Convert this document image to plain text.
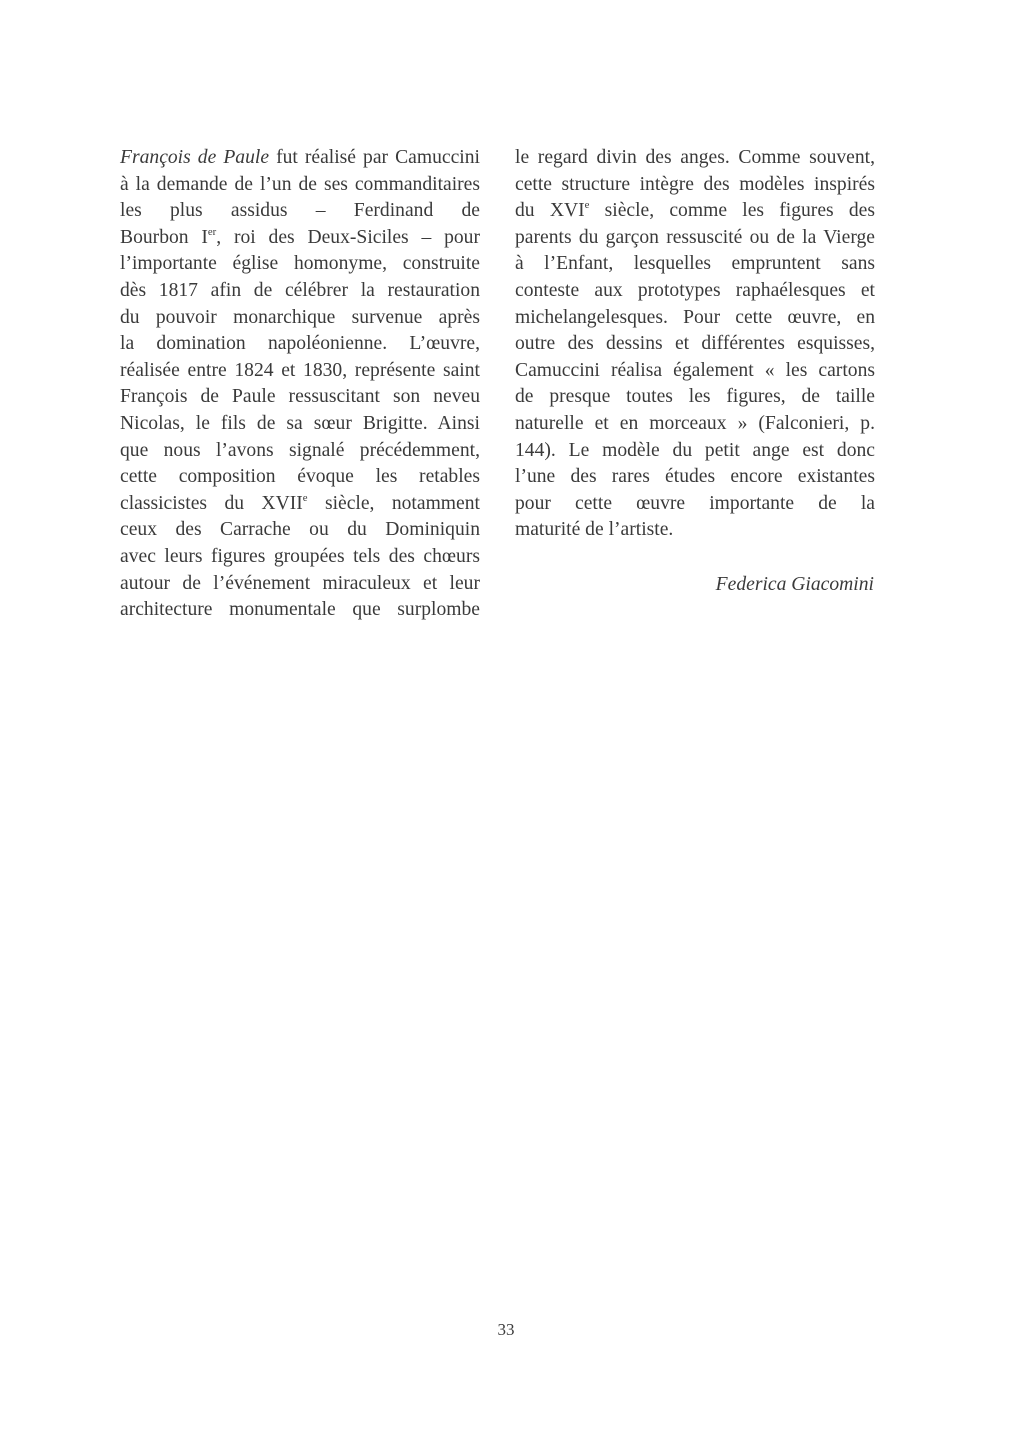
François de Paule fut réalisé par Camuccini
à la demande de l’un de ses commanditaires
les plus assidus – Ferdinand de
Bourbon Ier, roi des Deux-Siciles – pour
l’importante église homonyme, construite
dès 1817 afin de célébrer la restauration
du pouvoir monarchique survenue après
la domination napoléonienne. L’œuvre,
réalisée entre 1824 et 1830, représente saint
François de Paule ressuscitant son neveu
Nicolas, le fils de sa sœur Brigitte. Ainsi
que nous l’avons signalé précédemment,
cette composition évoque les retables
classicistes du XVIIe siècle, notamment
ceux des Carrache ou du Dominiquin
avec leurs figures groupées tels des chœurs
autour de l’événement miraculeux et leur
architecture monumentale que surplombe
le regard divin des anges. Comme souvent,
cette structure intègre des modèles inspirés
du XVIe siècle, comme les figures des
parents du garçon ressuscité ou de la Vierge
à l’Enfant, lesquelles empruntent sans
conteste aux prototypes raphaélesques et
michelangelesques. Pour cette œuvre, en
outre des dessins et différentes esquisses,
Camuccini réalisa également « les cartons
de presque toutes les figures, de taille
naturelle et en morceaux » (Falconieri, p.
144). Le modèle du petit ange est donc
l’une des rares études encore existantes
pour cette œuvre importante de la
maturité de l’artiste.
Federica Giacomini
33
